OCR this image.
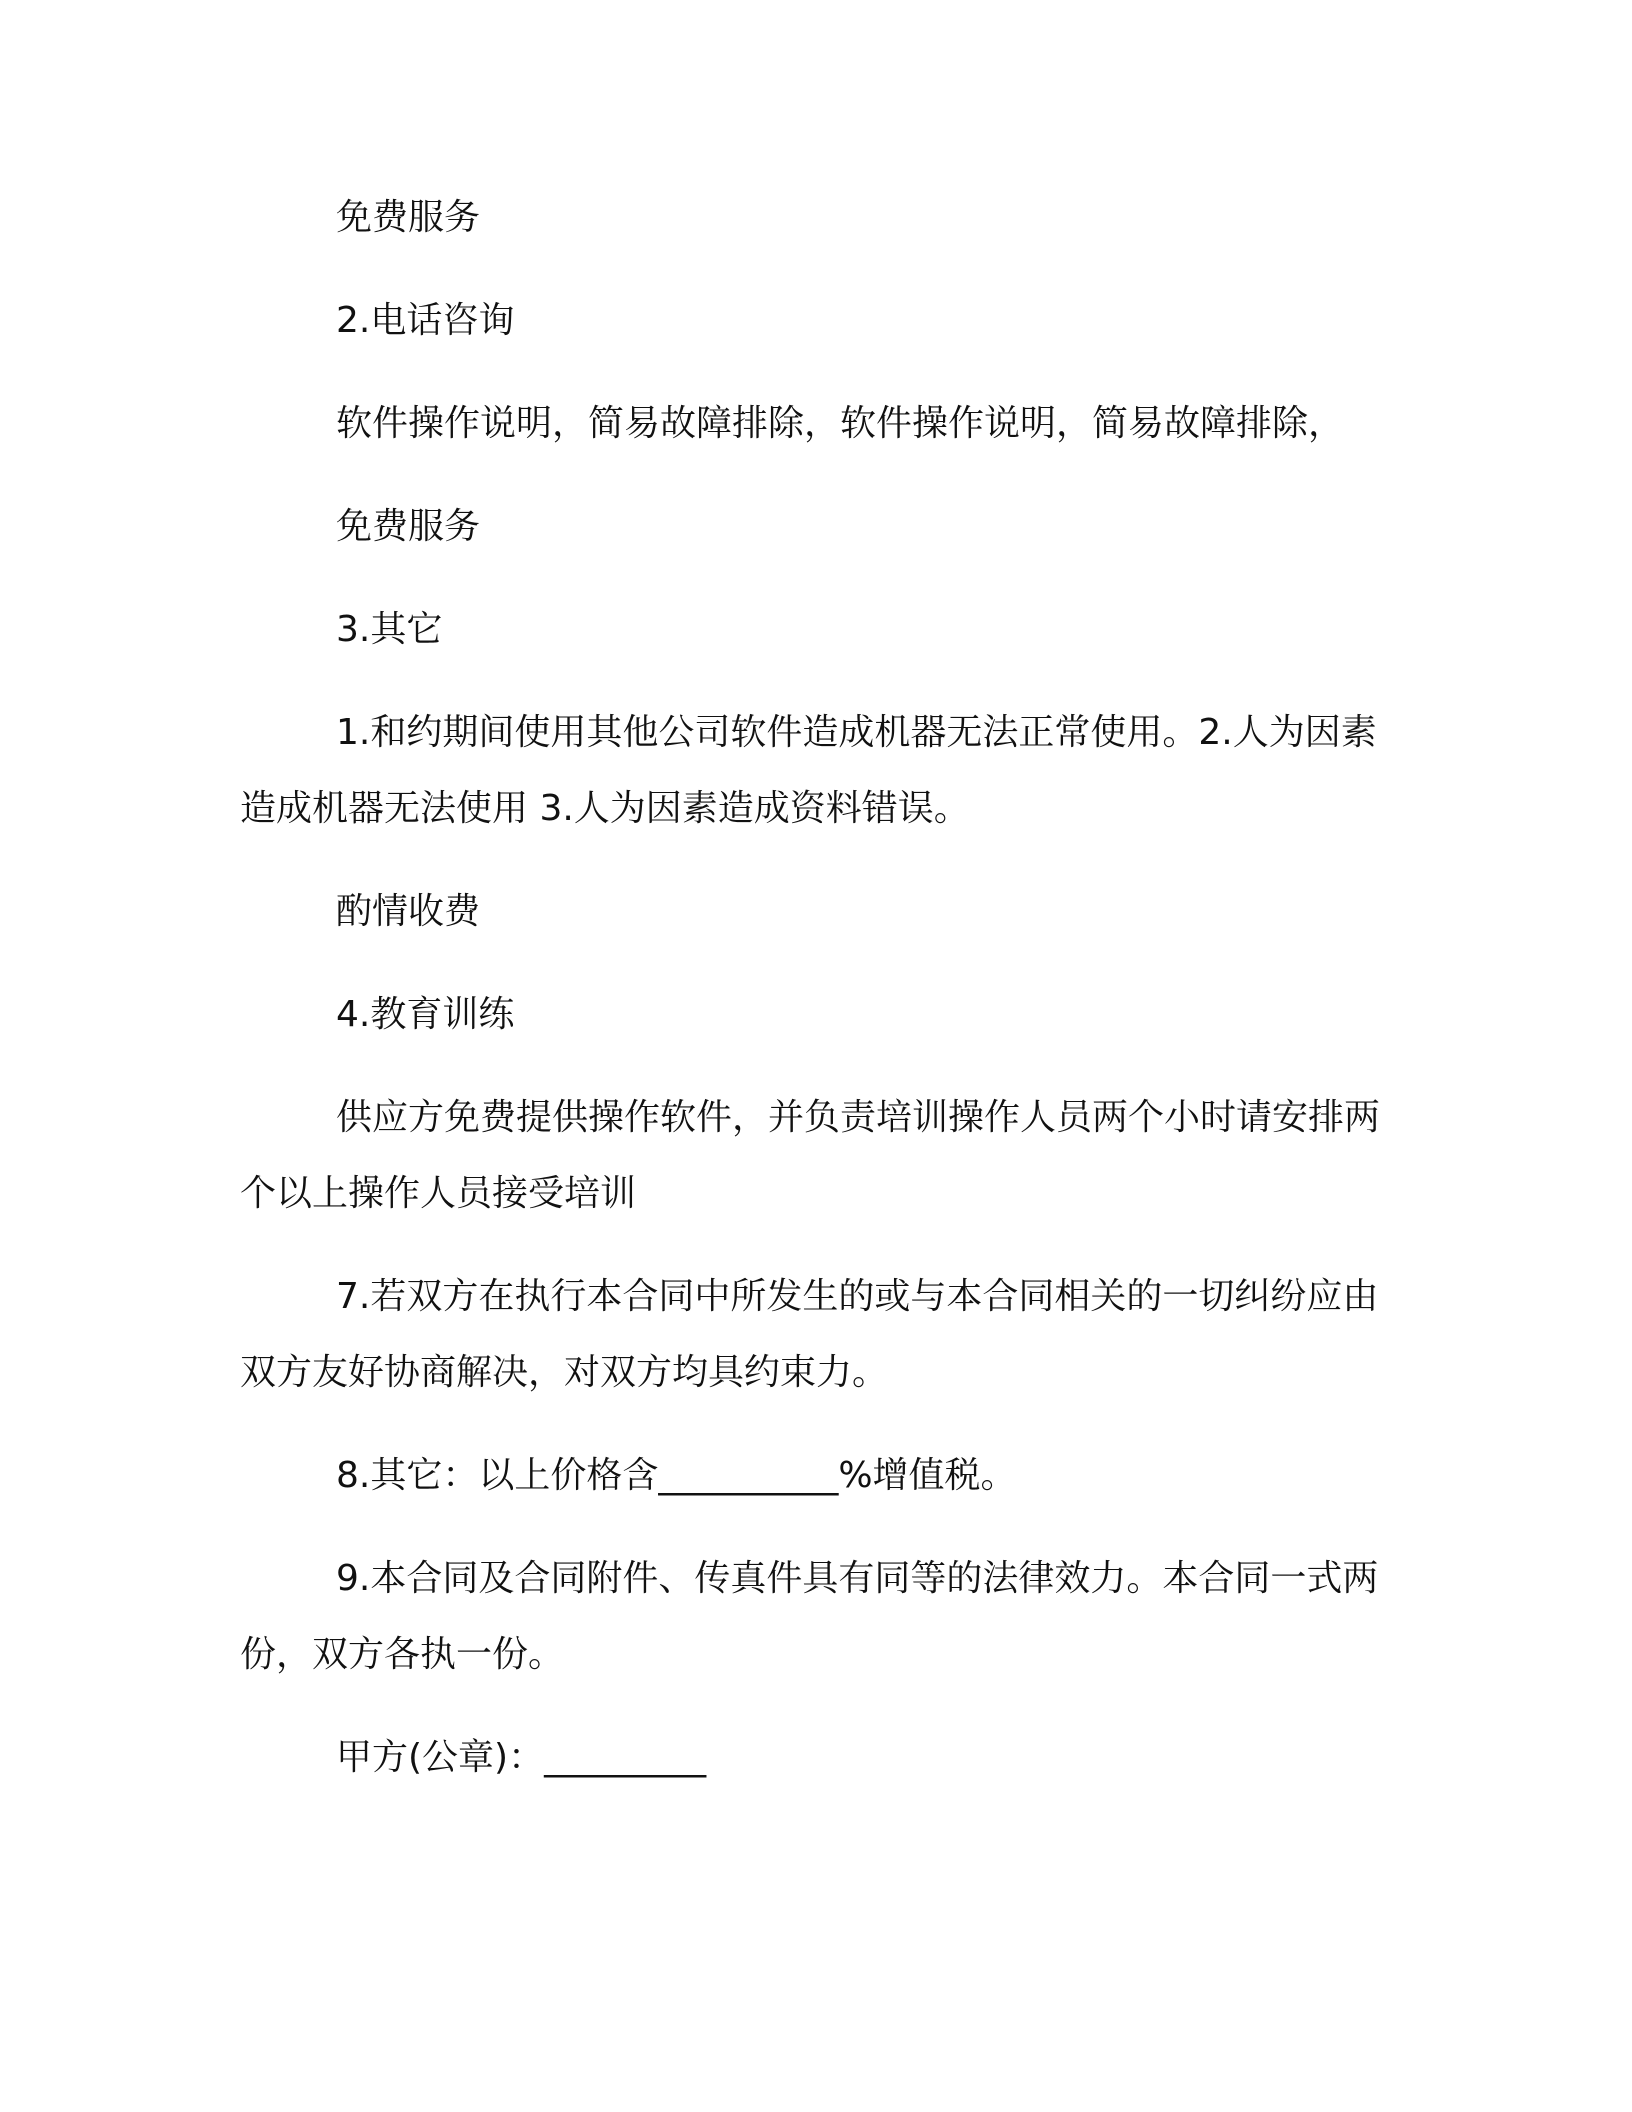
免费服务

2.电话咨询

软件操作说明，简易故障排除，软件操作说明，简易故障排除，

免费服务

3.其它

1.和约期间使用其他公司软件造成机器无法正常使用。2.人为因素造成机器无法使用 3.人为因素造成资料错误。

酌情收费

4.教育训练

供应方免费提供操作软件，并负责培训操作人员两个小时请安排两个以上操作人员接受培训

7.若双方在执行本合同中所发生的或与本合同相关的一切纠纷应由双方友好协商解决，对双方均具约束力。

8.其它：以上价格含__________%增值税。

9.本合同及合同附件、传真件具有同等的法律效力。本合同一式两份，双方各执一份。

甲方(公章)：_________
